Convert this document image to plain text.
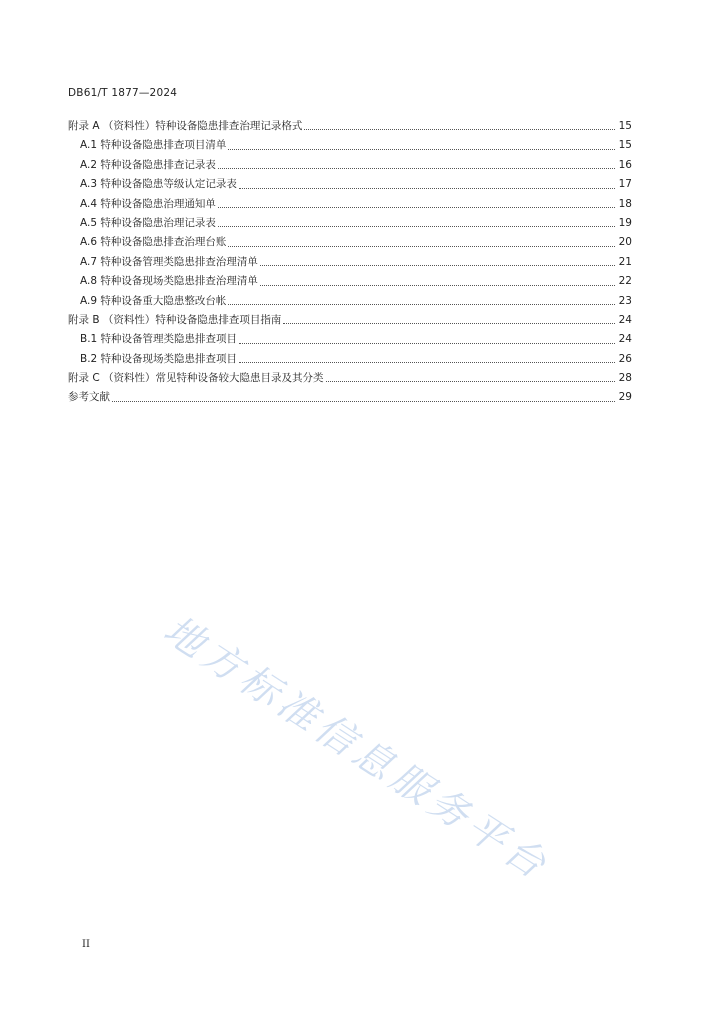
DB61/T 1877—2024
附录 A （资料性）特种设备隐患排查治理记录格式	15
A.1 特种设备隐患排查项目清单	15
A.2 特种设备隐患排查记录表	16
A.3 特种设备隐患等级认定记录表	17
A.4 特种设备隐患治理通知单	18
A.5 特种设备隐患治理记录表	19
A.6 特种设备隐患排查治理台账	20
A.7 特种设备管理类隐患排查治理清单	21
A.8 特种设备现场类隐患排查治理清单	22
A.9 特种设备重大隐患整改台帐	23
附录 B （资料性）特种设备隐患排查项目指南	24
B.1 特种设备管理类隐患排查项目	24
B.2 特种设备现场类隐患排查项目	26
附录 C （资料性）常见特种设备较大隐患目录及其分类	28
参考文献	29
地方标准信息服务平台
II
